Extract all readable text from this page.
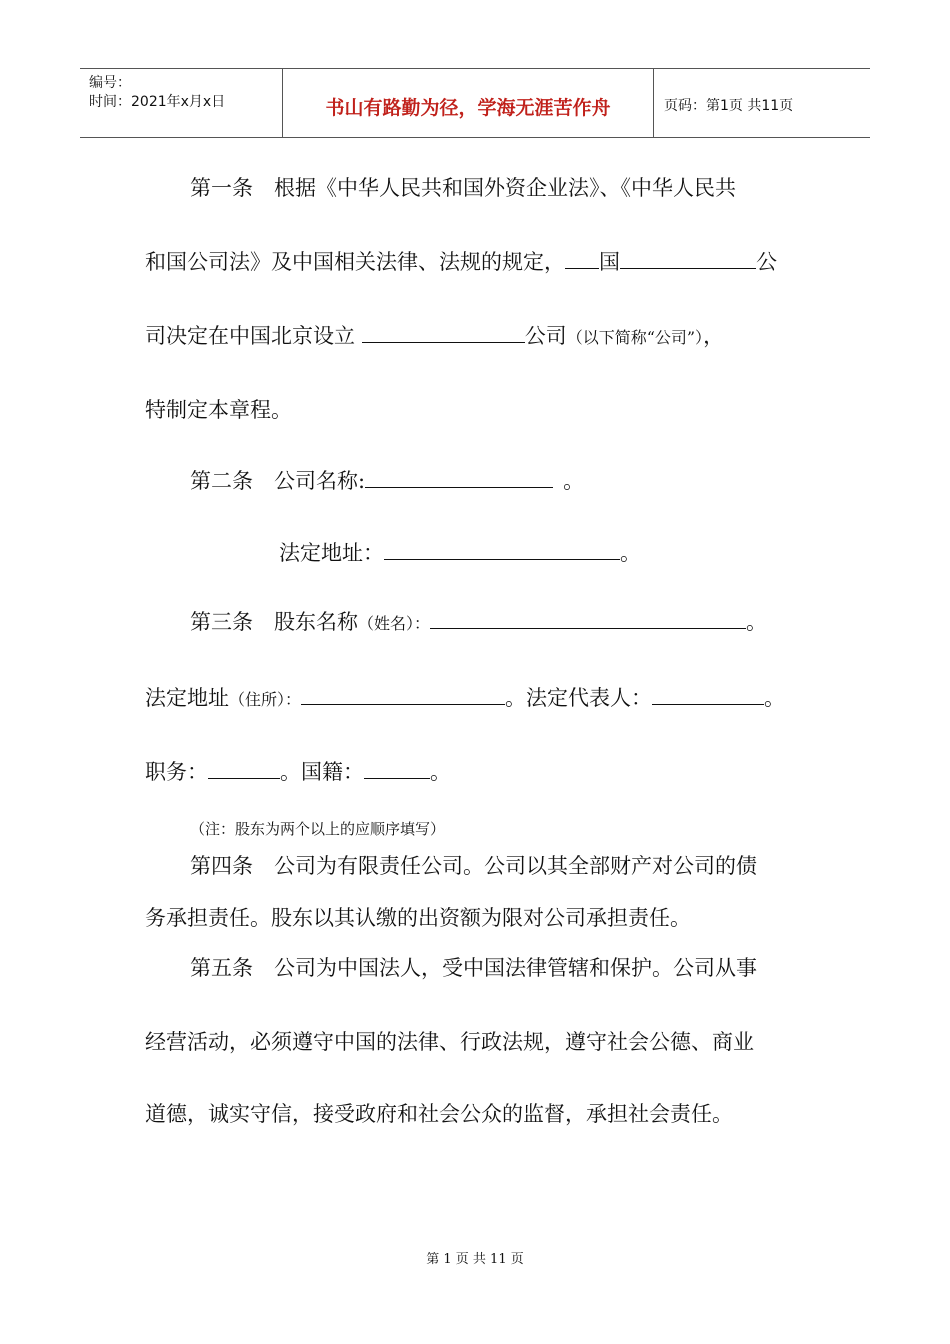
编号：
时间：2021年x月x日	书山有路勤为径，学海无涯苦作舟	页码：第1页 共11页
第一条　根据《中华人民共和国外资企业法》、《中华人民共
和国公司法》及中国相关法律、法规的规定， 国	公
司决定在中国北京设立	公司（以下简称“公司”），
特制定本章程。
第二条　公司名称:	。
法定地址：	。
第三条　股东名称（姓名）：	。
法定地址（住所）：	。法定代表人：	。
职务：	。国籍：	。
（注：股东为两个以上的应顺序填写）
第四条　公司为有限责任公司。公司以其全部财产对公司的债
务承担责任。股东以其认缴的出资额为限对公司承担责任。
第五条　公司为中国法人，受中国法律管辖和保护。公司从事
经营活动，必须遵守中国的法律、行政法规，遵守社会公德、商业
道德，诚实守信，接受政府和社会公众的监督，承担社会责任。
第 1 页 共 11 页
